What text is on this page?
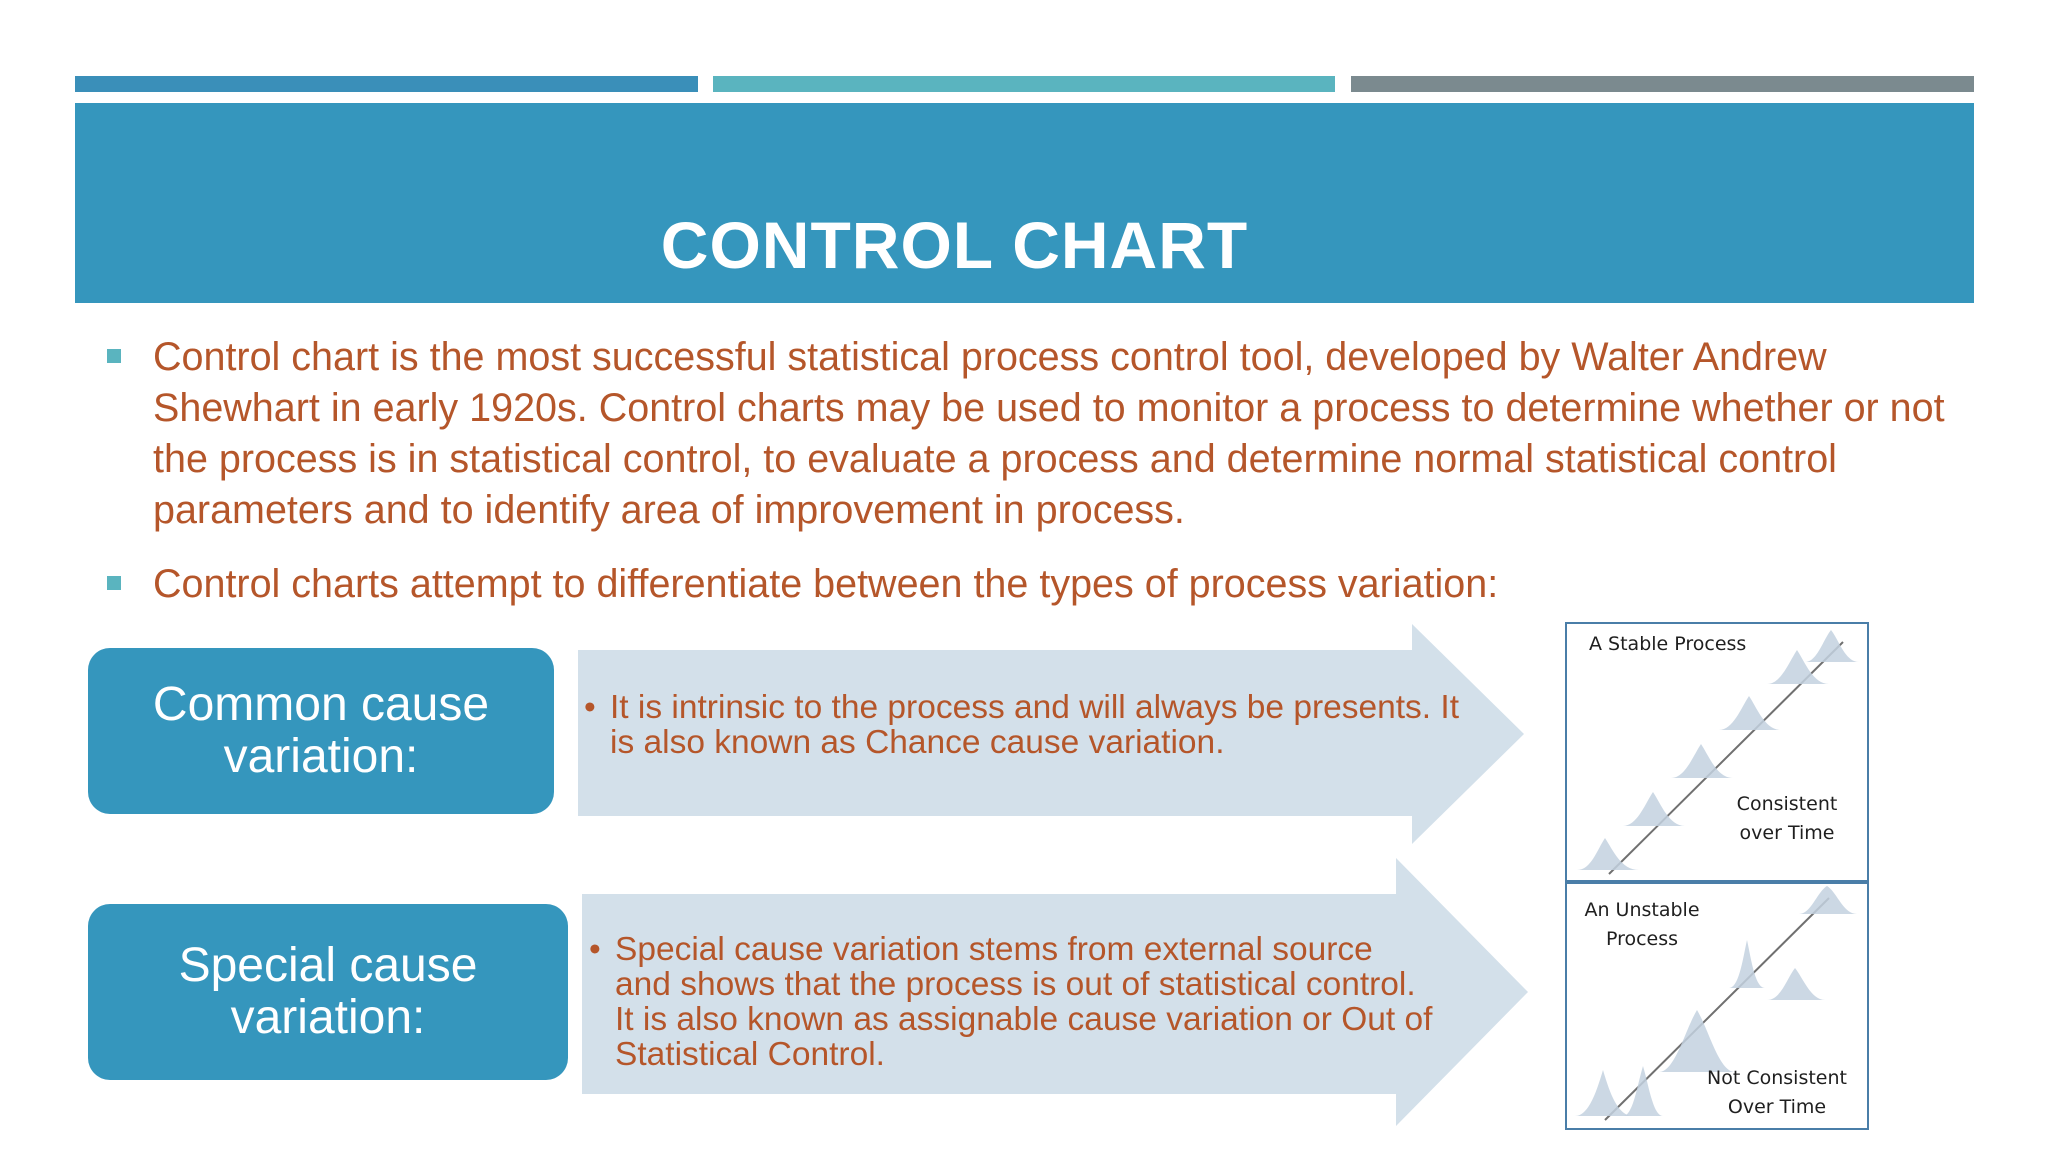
CONTROL CHART
Control chart is the most successful statistical process control tool, developed by Walter Andrew Shewhart in early 1920s. Control charts may be used to monitor a process to determine whether or not the process is in statistical control, to evaluate a process and determine normal statistical control parameters and to identify area of improvement in process.
Control charts attempt to differentiate between the types of process variation:
Common cause
variation:
• It is intrinsic to the process and will always be presents. It is also known as Chance cause variation.
Special cause
variation:
• Special cause variation stems from external source and shows that the process is out of statistical control. It is also known as assignable cause variation or Out of Statistical Control.
A Stable Process
Consistent
over Time
An Unstable
Process
Not Consistent
Over Time
